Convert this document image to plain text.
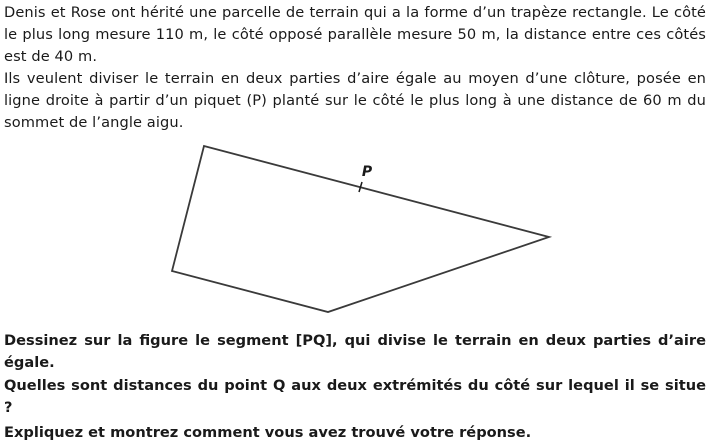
Denis et Rose ont hérité une parcelle de terrain qui a la forme d’un trapèze rectangle. Le côté le plus long mesure 110 m, le côté opposé parallèle mesure 50 m, la distance entre ces côtés est de 40 m.

Ils veulent diviser le terrain en deux parties d’aire égale au moyen d’une clôture, posée en ligne droite à partir d’un piquet (P) planté sur le côté le plus long à une distance de 60 m du sommet de l’angle aigu.

P

Dessinez sur la figure le segment [PQ], qui divise le terrain en deux parties d’aire égale.

Quelles sont distances du point Q aux deux extrémités du côté sur lequel il se situe ?

Expliquez et montrez comment vous avez trouvé votre réponse.
